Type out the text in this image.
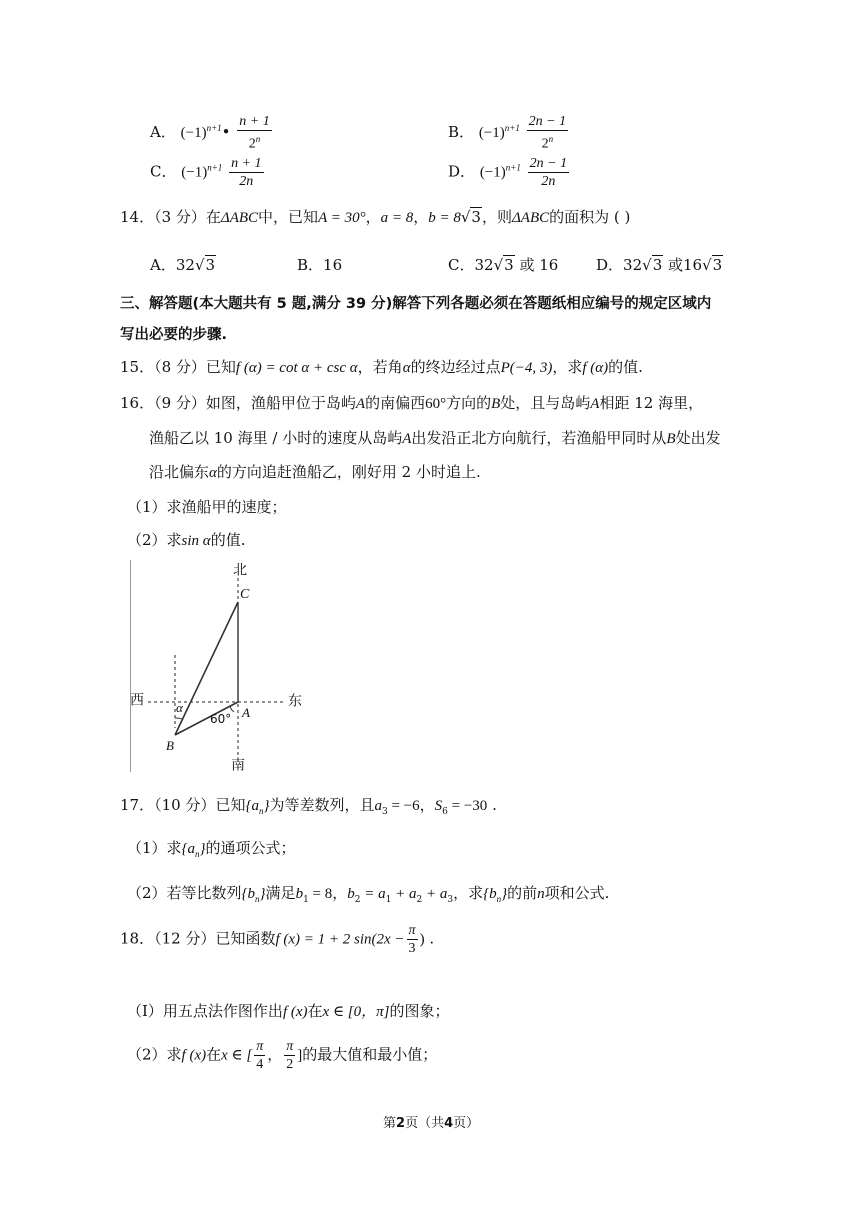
A． $(-1)^{n+1}• \frac{n + 1}{2^n}$	B． $(-1)^{n+1} \frac{2n - 1}{2^n}$
C． $(-1)^{n+1} \frac{n + 1}{2n}$	D． $(-1)^{n+1} \frac{2n - 1}{2n}$
14．（3 分）在ΔABC中，已知A = 30°，a = 8，b = 8√3，则ΔABC的面积为 ( )
A．32√3	B．16	C．32√3 或 16	D．32√3 或16√3
三、解答题(本大题共有 5 题,满分 39 分)解答下列各题必须在答题纸相应编号的规定区域内
写出必要的步骤.
15．（8 分）已知f (α) = cot α + csc α，若角α的终边经过点P(−4, 3)，求f (α)的值.
16．（9 分）如图，渔船甲位于岛屿A的南偏西60°方向的B处，且与岛屿A相距 12 海里，
渔船乙以 10 海里 / 小时的速度从岛屿A出发沿正北方向航行，若渔船甲同时从B处出发
沿北偏东α的方向追赶渔船乙，刚好用 2 小时追上.
（1）求渔船甲的速度；
（2）求sin α的值.
北
南
西	东
C
A
B
α
60°
17．（10 分）已知$\{a_n\}$为等差数列，且$a_3 = -6$，$S_6 = -30$ .
（1）求$\{a_n\}$的通项公式；
（2）若等比数列$\{b_n\}$满足$b_1 = 8$，$b_2 = a_1 + a_2 + a_3$，求$\{b_n\}$的前n项和公式.
18．（12 分）已知函数f (x) = 1 + 2 $\sin(2x - \frac{\pi}{3}$ ) .
（Ⅰ）用五点法作图作出f (x)在x ∈ [0，π]的图象；
（2）求f (x)在x ∈ [ $\frac{\pi}{4}$ ， $\frac{\pi}{2}$ ]的最大值和最小值；
第2页（共4页）
